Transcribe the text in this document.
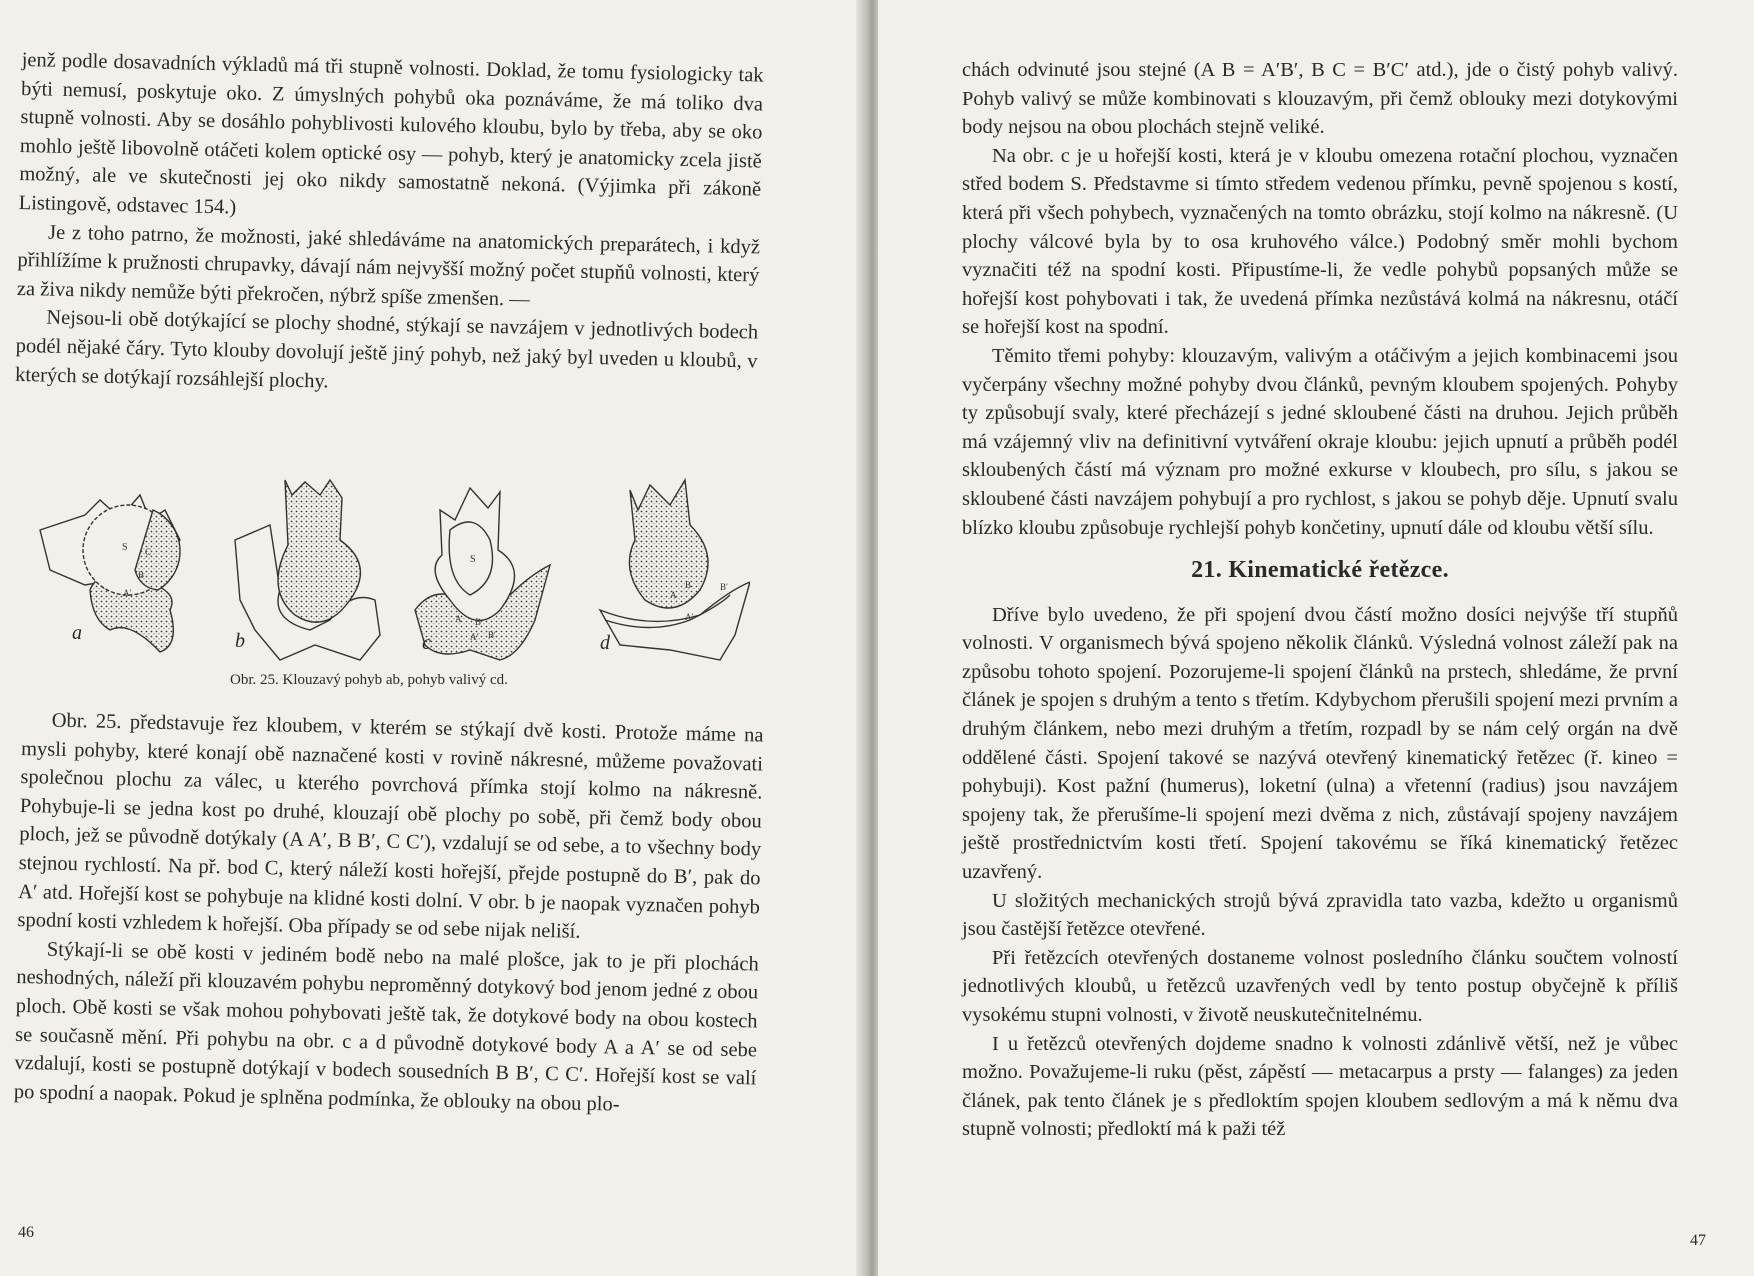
jenž podle dosavadních výkladů má tři stupně volnosti. Doklad, že tomu fysiologicky tak býti nemusí, poskytuje oko. Z úmyslných pohybů oka poznáváme, že má toliko dva stupně volnosti. Aby se dosáhlo pohyblivosti kulového kloubu, bylo by třeba, aby se oko mohlo ještě libovolně otáčeti kolem optické osy — pohyb, který je anatomicky zcela jistě možný, ale ve skutečnosti jej oko nikdy samostatně nekoná. (Výjimka při zákoně Listingově, odstavec 154.)

Je z toho patrno, že možnosti, jaké shledáváme na anatomických preparátech, i když přihlížíme k pružnosti chrupavky, dávají nám nejvyšší možný počet stupňů volnosti, který za živa nikdy nemůže býti překročen, nýbrž spíše zmenšen. —

Nejsou-li obě dotýkající se plochy shodné, stýkají se navzájem v jednotlivých bodech podél nějaké čáry. Tyto klouby dovolují ještě jiný pohyb, než jaký byl uveden u kloubů, v kterých se dotýkají rozsáhlejší plochy.

S C
B
A′
S
A B
A′ B′
A
B
A′
B′
a	b	c	d
Obr. 25. Klouzavý pohyb ab, pohyb valivý cd.

Obr. 25. představuje řez kloubem, v kterém se stýkají dvě kosti. Protože máme na mysli pohyby, které konají obě naznačené kosti v rovině nákresné, můžeme považovati společnou plochu za válec, u kterého povrchová přímka stojí kolmo na nákresně. Pohybuje-li se jedna kost po druhé, klouzají obě plochy po sobě, při čemž body obou ploch, jež se původně dotýkaly (A A′, B B′, C C′), vzdalují se od sebe, a to všechny body stejnou rychlostí. Na př. bod C, který náleží kosti hořejší, přejde postupně do B′, pak do A′ atd. Hořejší kost se pohybuje na klidné kosti dolní. V obr. b je naopak vyznačen pohyb spodní kosti vzhledem k hořejší. Oba případy se od sebe nijak neliší.

Stýkají-li se obě kosti v jediném bodě nebo na malé plošce, jak to je při plochách neshodných, náleží při klouzavém pohybu neproměnný dotykový bod jenom jedné z obou ploch. Obě kosti se však mohou pohybovati ještě tak, že dotykové body na obou kostech se současně mění. Při pohybu na obr. c a d původně dotykové body A a A′ se od sebe vzdalují, kosti se postupně dotýkají v bodech sousedních B B′, C C′. Hořejší kost se valí po spodní a naopak. Pokud je splněna podmínka, že oblouky na obou plo-

46

chách odvinuté jsou stejné (A B = A′B′, B C = B′C′ atd.), jde o čistý pohyb valivý. Pohyb valivý se může kombinovati s klouzavým, při čemž oblouky mezi dotykovými body nejsou na obou plochách stejně veliké.

Na obr. c je u hořejší kosti, která je v kloubu omezena rotační plochou, vyznačen střed bodem S. Představme si tímto středem vedenou přímku, pevně spojenou s kostí, která při všech pohybech, vyznačených na tomto obrázku, stojí kolmo na nákresně. (U plochy válcové byla by to osa kruhového válce.) Podobný směr mohli bychom vyznačiti též na spodní kosti. Připustíme-li, že vedle pohybů popsaných může se hořejší kost pohybovati i tak, že uvedená přímka nezůstává kolmá na nákresnu, otáčí se hořejší kost na spodní.

Těmito třemi pohyby: klouzavým, valivým a otáčivým a jejich kombinacemi jsou vyčerpány všechny možné pohyby dvou článků, pevným kloubem spojených. Pohyby ty způsobují svaly, které přecházejí s jedné skloubené části na druhou. Jejich průběh má vzájemný vliv na definitivní vytváření okraje kloubu: jejich upnutí a průběh podél skloubených částí má význam pro možné exkurse v kloubech, pro sílu, s jakou se skloubené části navzájem pohybují a pro rychlost, s jakou se pohyb děje. Upnutí svalu blízko kloubu způsobuje rychlejší pohyb končetiny, upnutí dále od kloubu větší sílu.

21. Kinematické řetězce.

Dříve bylo uvedeno, že při spojení dvou částí možno dosíci nejvýše tří stupňů volnosti. V organismech bývá spojeno několik článků. Výsledná volnost záleží pak na způsobu tohoto spojení. Pozorujeme-li spojení článků na prstech, shledáme, že první článek je spojen s druhým a tento s třetím. Kdybychom přerušili spojení mezi prvním a druhým článkem, nebo mezi druhým a třetím, rozpadl by se nám celý orgán na dvě oddělené části. Spojení takové se nazývá otevřený kinematický řetězec (ř. kineo = pohybuji). Kost pažní (humerus), loketní (ulna) a vřetenní (radius) jsou navzájem spojeny tak, že přerušíme-li spojení mezi dvěma z nich, zůstávají spojeny navzájem ještě prostřednictvím kosti třetí. Spojení takovému se říká kinematický řetězec uzavřený.

U složitých mechanických strojů bývá zpravidla tato vazba, kdežto u organismů jsou častější řetězce otevřené.

Při řetězcích otevřených dostaneme volnost posledního článku součtem volností jednotlivých kloubů, u řetězců uzavřených vedl by tento postup obyčejně k příliš vysokému stupni volnosti, v životě neuskutečnitelnému.

I u řetězců otevřených dojdeme snadno k volnosti zdánlivě větší, než je vůbec možno. Považujeme-li ruku (pěst, zápěstí — metacarpus a prsty — falanges) za jeden článek, pak tento článek je s předloktím spojen kloubem sedlovým a má k němu dva stupně volnosti; předloktí má k paži též

47
